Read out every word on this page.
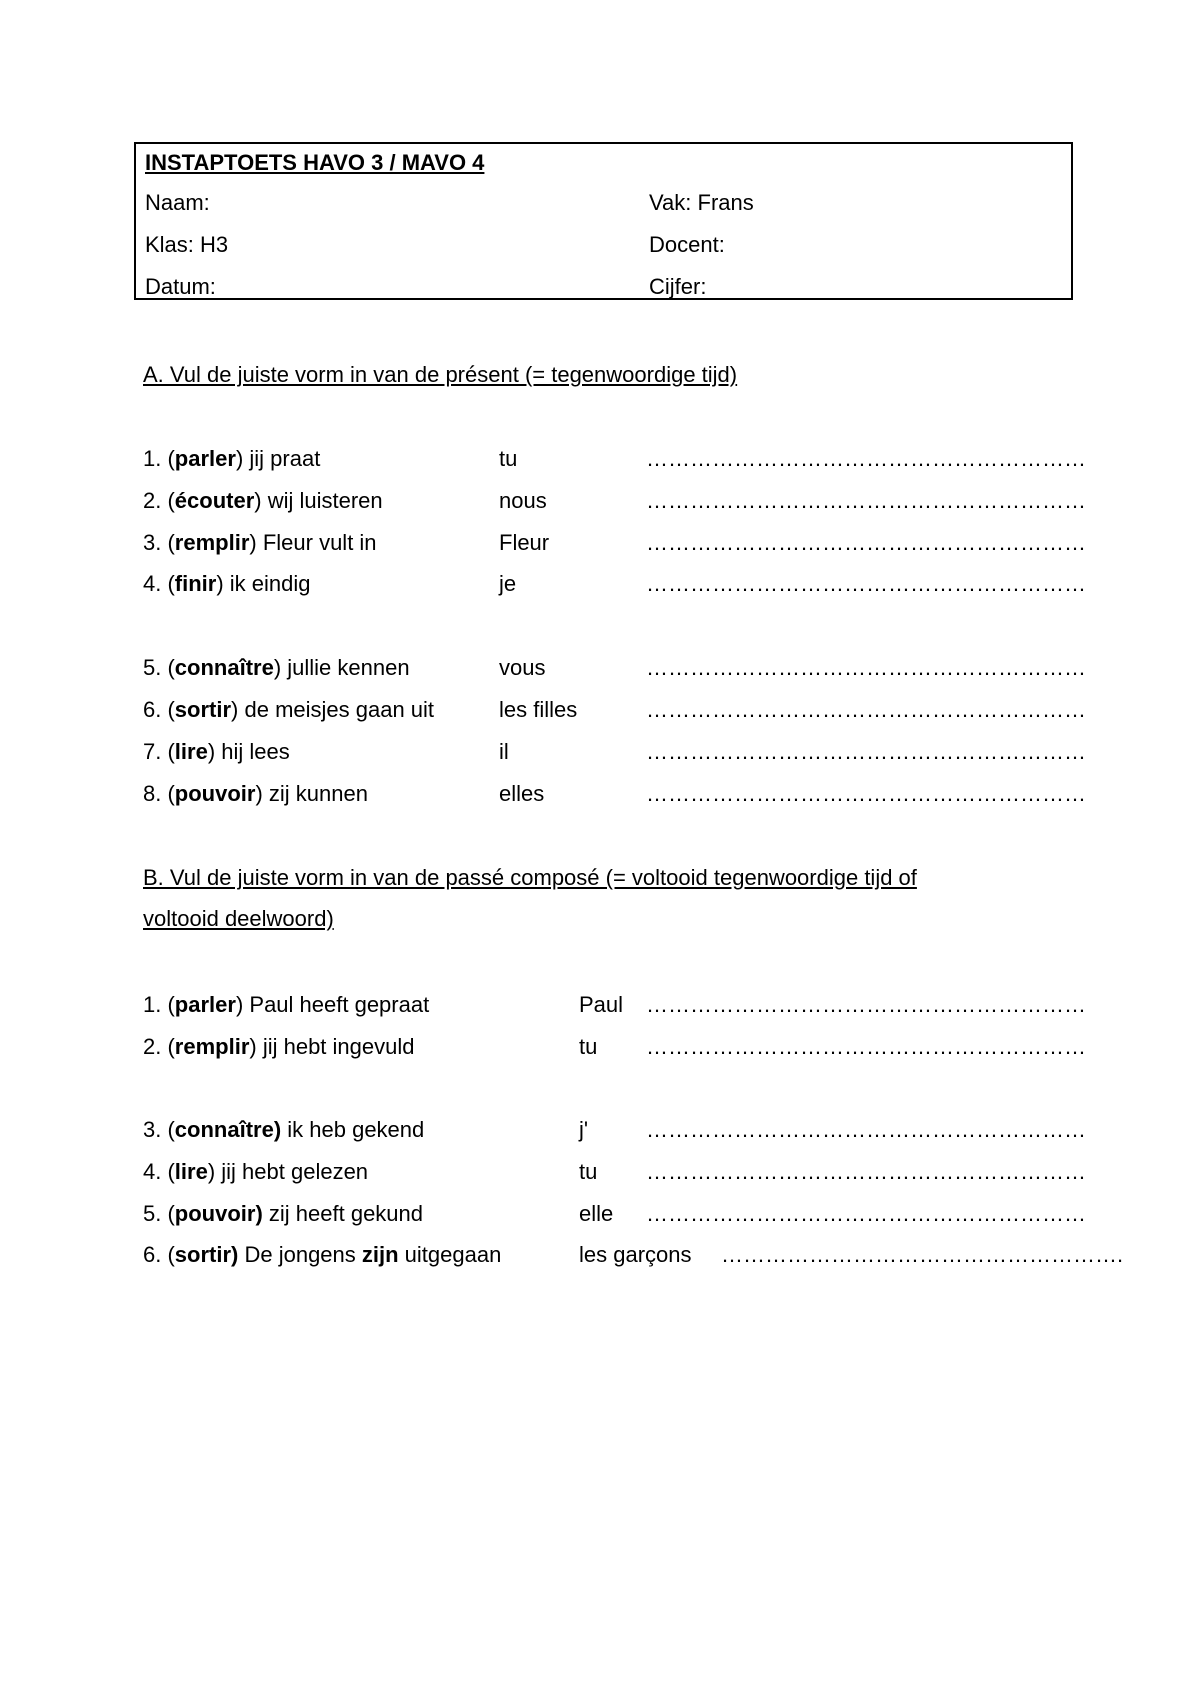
INSTAPTOETS HAVO 3 / MAVO 4
Naam:	Vak: Frans
Klas: H3	Docent:
Datum:	Cijfer:
A. Vul de juiste vorm in van de présent (= tegenwoordige tijd)
1. (parler) jij praat	tu	……………………………………………………
2. (écouter) wij luisteren	nous	……………………………………………………
3. (remplir) Fleur vult in	Fleur	……………………………………………………
4. (finir) ik eindig	je	……………………………………………………
5. (connaître) jullie kennen	vous	……………………………………………………
6. (sortir) de meisjes gaan uit	les filles	……………………………………………………
7. (lire) hij lees	il	……………………………………………………
8. (pouvoir) zij kunnen	elles	……………………………………………………
B. Vul de juiste vorm in van de passé composé (= voltooid tegenwoordige tijd of
voltooid deelwoord)
1. (parler) Paul heeft gepraat	Paul ……………………………………………………
2. (remplir) jij hebt ingevuld	tu ……………………………………………………
3. (connaître) ik heb gekend	j'	……………………………………………………
4. (lire) jij hebt gelezen	tu ……………………………………………………
5. (pouvoir) zij heeft gekund	elle ……………………………………………………
6. (sortir) De jongens zijn uitgegaan	les garçons ……………………………………………….
